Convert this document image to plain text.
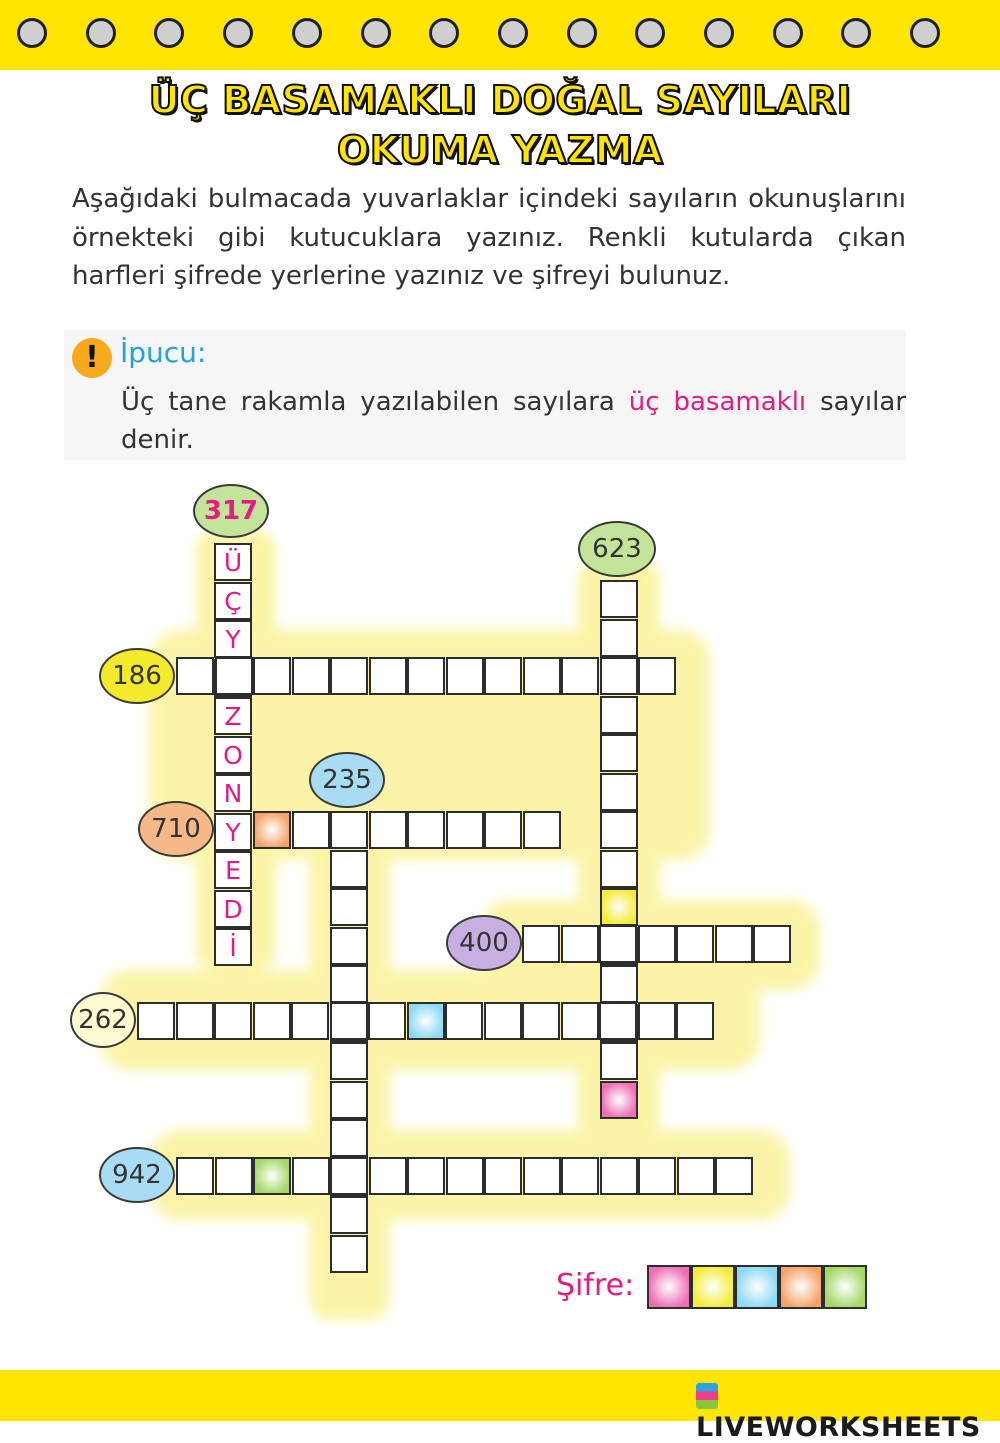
ÜÇ BASAMAKLI DOĞAL SAYILARI
OKUMA YAZMA
Aşağıdaki bulmacada yuvarlaklar içindeki sayıların okunuşlarını örnekteki gibi kutucuklara yazınız. Renkli kutularda çıkan harfleri şifrede yerlerine yazınız ve şifreyi bulunuz.
! İpucu:
Üç tane rakamla yazılabilen sayılara üç basamaklı sayılar denir.
Ü
Ç
Y
Z
O
N
Y
E
D
İ
317
623
186
235
710
400
262
942
Şifre:
LIVEWORKSHEETS
